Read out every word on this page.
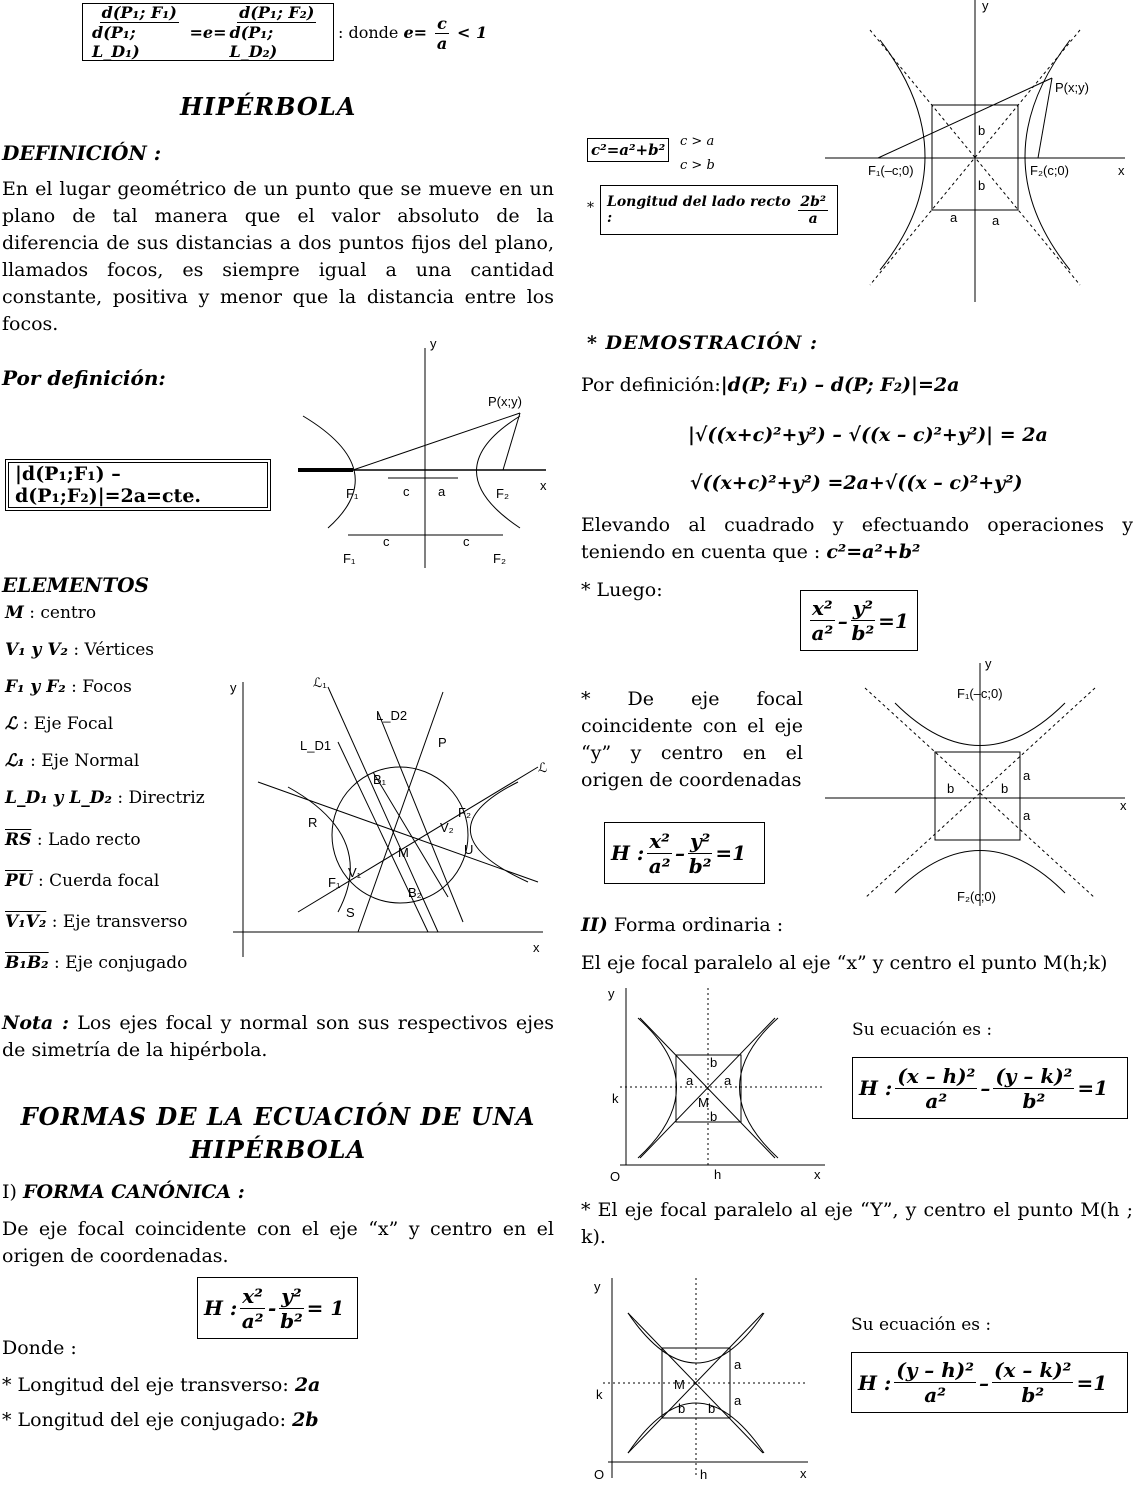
$\frac{\text{d(P₁; F₁)}}{\text{d(P₁; L\_D₁)}} =e= \frac{\text{d(P₁; F₂)}}{\text{d(P₁; L\_D₂)}}$ : donde $e= \frac{c}{a} < 1$
HIPÉRBOLA
DEFINICIÓN :
En el lugar geométrico de un punto que se mueve en un plano de tal manera que el valor absoluto de la diferencia de sus distancias a dos puntos fijos del plano, llamados focos, es siempre igual a una cantidad constante, positiva y menor que la distancia entre los focos.
Por definición:
|d(P₁;F₁) – d(P₁;F₂)|=2a=cte.
y
x
P(x;y)
F₁	F₂
c a
F₁	F₂
c	c
ELEMENTOS
M : centro
V₁ y V₂ : Vértices
F₁ y F₂ : Focos
ℒ : Eje Focal
ℒ₁ : Eje Normal
L_D₁ y L_D₂ : Directriz
$\overline{RS}$ : Lado recto
$\overline{PU}$ : Cuerda focal
V₁V₂ : Eje transverso
B₁B₂ : Eje conjugado
y
x
ℒ₁
ℒ
L_D1
L_D2
P
B₁
B₂
F₁
F₂
V₁
V₂
R
S
U
M
Nota : Los ejes focal y normal son sus respectivos ejes de simetría de la hipérbola.
FORMAS DE LA ECUACIÓN DE UNA
HIPÉRBOLA
I) FORMA CANÓNICA :
De eje focal coincidente con el eje “x” y centro en el origen de coordenadas.
H : $\frac{\text{x²}}{\text{a²}} - \frac{\text{y²}}{\text{b²}} = 1$
Donde :
* Longitud del eje transverso: 2a
* Longitud del eje conjugado: 2b
c²=a²+b²	c > a
c > b
* Longitud del lado recto :	$\frac{\text{2b²}}{a}$
y
x
P(x;y)
F₁(–c;0)	F₂(c;0)
b
b
a	a
* DEMOSTRACIÓN :
Por definición:|d(P; F₁) – d(P; F₂)|=2a
|√((x+c)²+y²) – √((x – c)²+y²)| = 2a
√((x+c)²+y²) =2a+√((x – c)²+y²)
Elevando al cuadrado y efectuando operaciones y teniendo en cuenta que : c²=a²+b²
* Luego:
$\frac{\text{x²}}{\text{a²}} - \frac{\text{y²}}{\text{b²}} =1$
* De eje focal coincidente con el eje “y” y centro en el origen de coordenadas
H : $\frac{\text{x²}}{\text{a²}} - \frac{\text{y²}}{\text{b²}} =1$
y
x
F₁(–c;0)
F₂(c;0)
a
a
b	b
II) Forma ordinaria :
El eje focal paralelo al eje “x” y centro el punto M(h;k)
y
x
O	h
k	M
a a
b
b
Su ecuación es :
H : $\frac{\text{(x – h)²}}{\text{a²}} - \frac{\text{(y – k)²}}{\text{b²}} =1$
* El eje focal paralelo al eje “Y”, y centro el punto M(h ; k).
y
x
O	h
k
M
a
a
b b
Su ecuación es :
H : $\frac{\text{(y – h)²}}{\text{a²}} - \frac{\text{(x – k)²}}{\text{b²}} =1$
